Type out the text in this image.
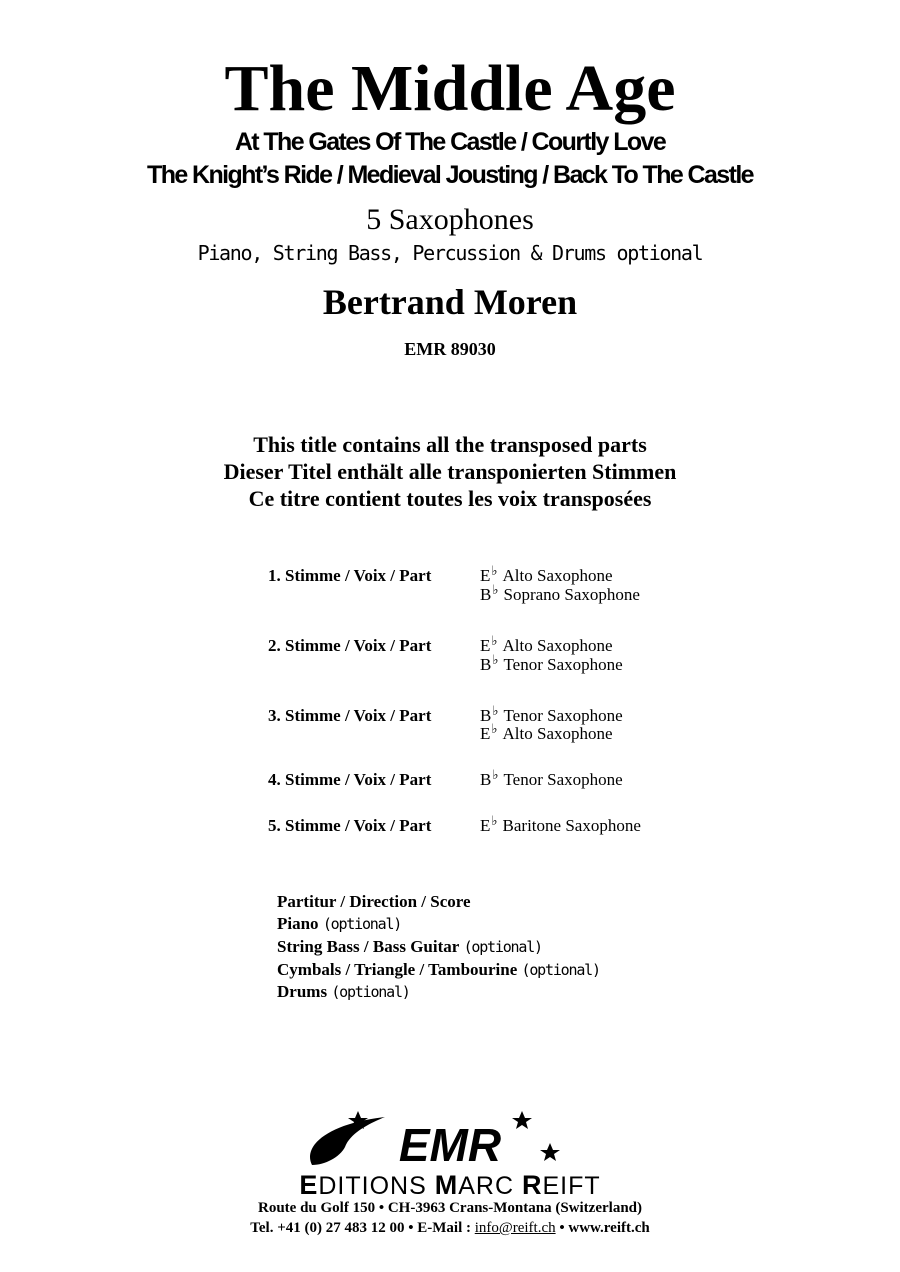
The Middle Age
At The Gates Of The Castle / Courtly Love
The Knight’s Ride / Medieval Jousting / Back To The Castle
5 Saxophones
Piano, String Bass, Percussion & Drums optional
Bertrand Moren
EMR 89030
This title contains all the transposed parts
Dieser Titel enthält alle transponierten Stimmen
Ce titre contient toutes les voix transposées
1. Stimme / Voix / Part	E♭ Alto Saxophone
B♭ Soprano Saxophone
2. Stimme / Voix / Part	E♭ Alto Saxophone
B♭ Tenor Saxophone
3. Stimme / Voix / Part	B♭ Tenor Saxophone
E♭ Alto Saxophone
4. Stimme / Voix / Part	B♭ Tenor Saxophone
5. Stimme / Voix / Part	E♭ Baritone Saxophone
Partitur / Direction / Score
Piano (optional)
String Bass / Bass Guitar (optional)
Cymbals / Triangle / Tambourine (optional)
Drums (optional)
EMR
EDITIONS MARC REIFT
Route du Golf 150 • CH-3963 Crans-Montana (Switzerland)
Tel. +41 (0) 27 483 12 00 • E-Mail : info@reift.ch • www.reift.ch
